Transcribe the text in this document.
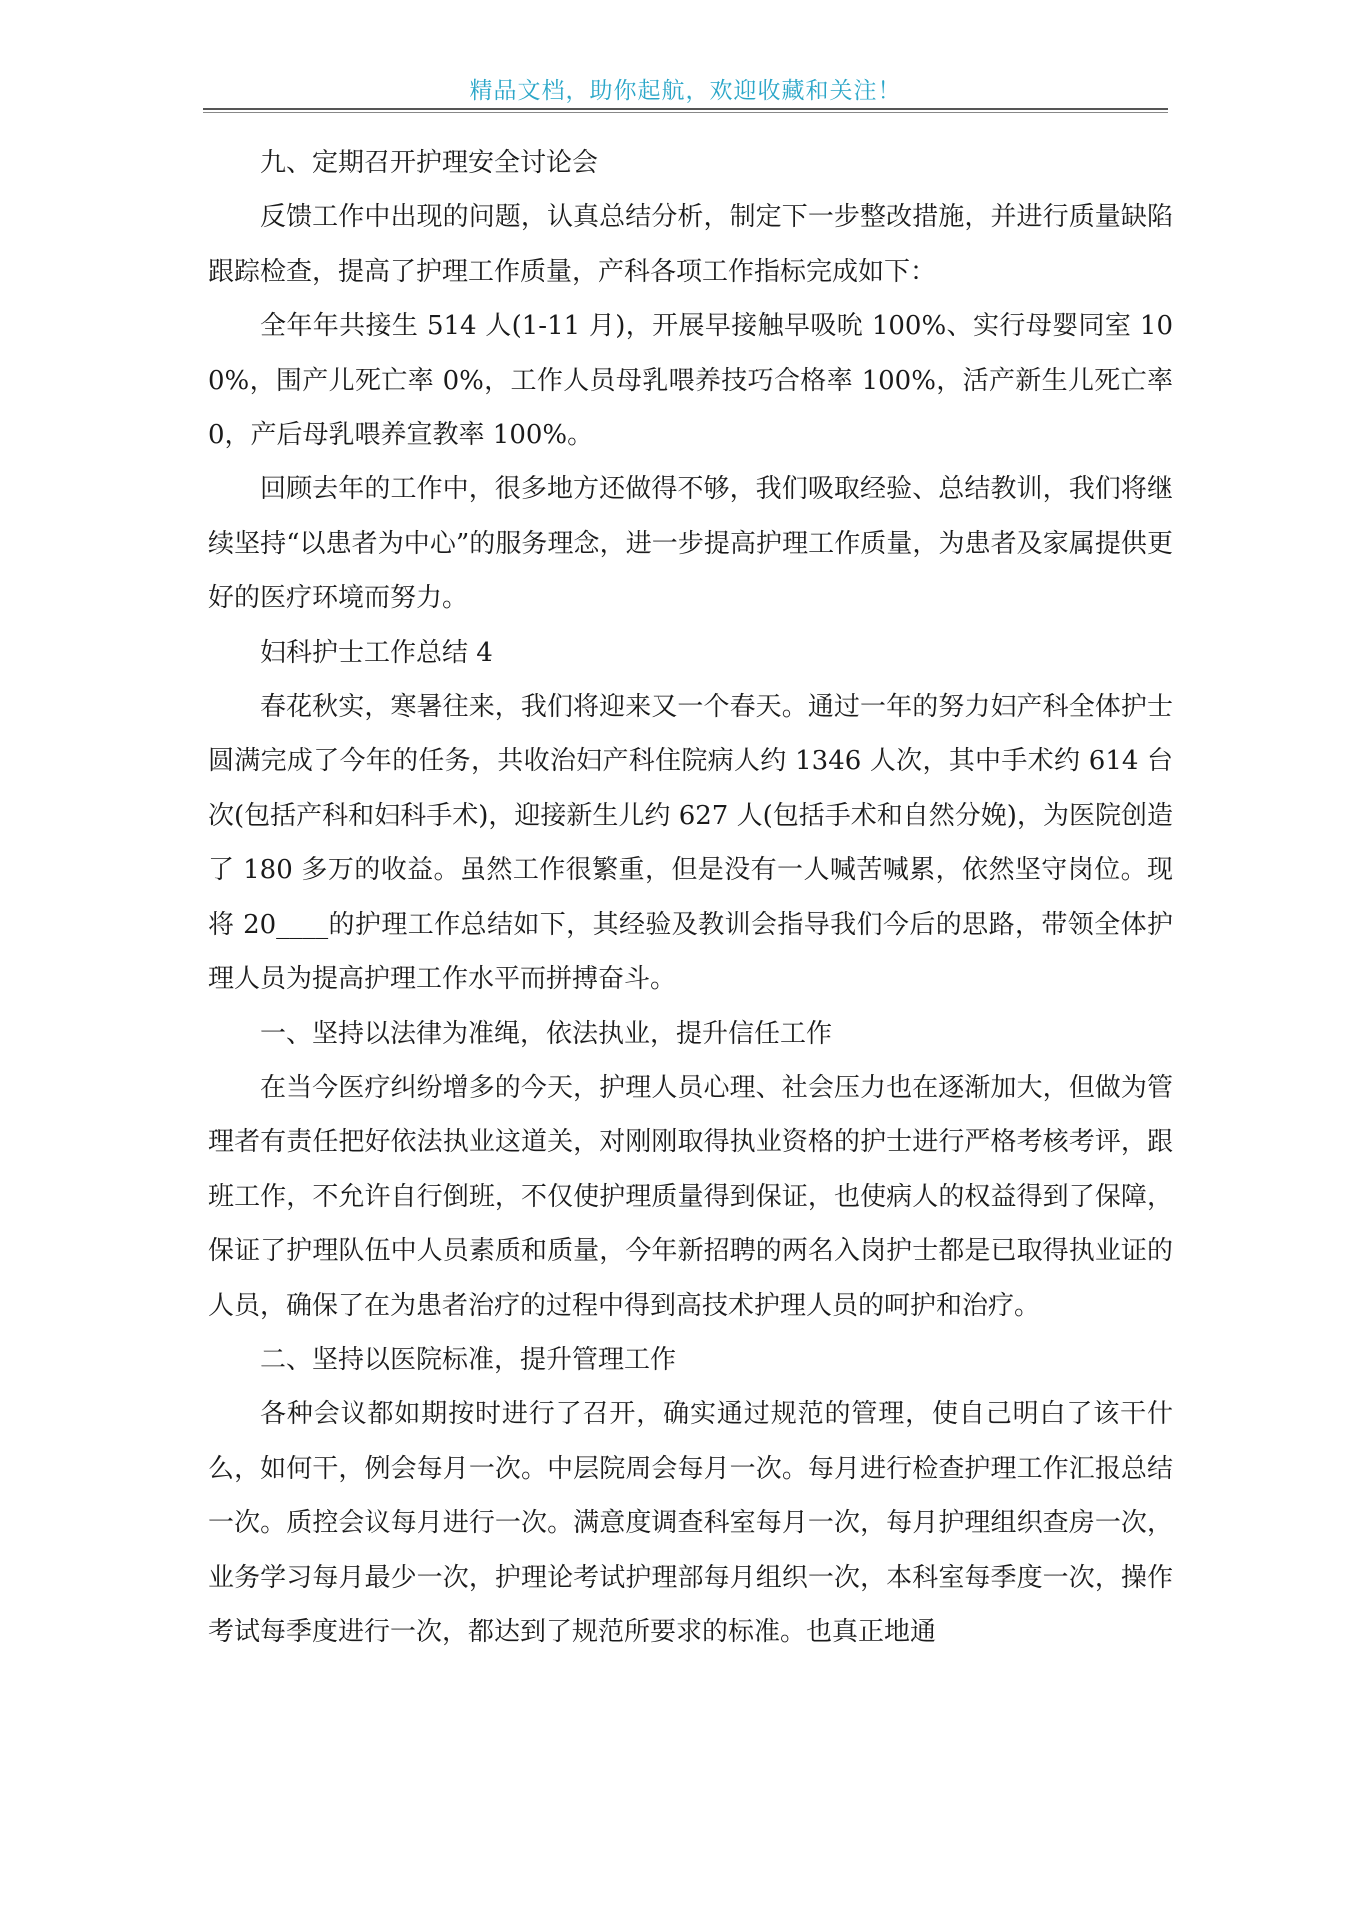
精品文档，助你起航，欢迎收藏和关注！

九、定期召开护理安全讨论会

反馈工作中出现的问题，认真总结分析，制定下一步整改措施，并进行质量缺陷跟踪检查，提高了护理工作质量，产科各项工作指标完成如下：

全年年共接生 514 人(1-11 月)，开展早接触早吸吮 100%、实行母婴同室 100%，围产儿死亡率 0%，工作人员母乳喂养技巧合格率 100%，活产新生儿死亡率 0，产后母乳喂养宣教率 100%。

回顾去年的工作中，很多地方还做得不够，我们吸取经验、总结教训，我们将继续坚持“以患者为中心”的服务理念，进一步提高护理工作质量，为患者及家属提供更好的医疗环境而努力。

妇科护士工作总结 4

春花秋实，寒暑往来，我们将迎来又一个春天。通过一年的努力妇产科全体护士圆满完成了今年的任务，共收治妇产科住院病人约 1346 人次，其中手术约 614 台次(包括产科和妇科手术)，迎接新生儿约 627 人(包括手术和自然分娩)，为医院创造了 180 多万的收益。虽然工作很繁重，但是没有一人喊苦喊累，依然坚守岗位。现将 20____的护理工作总结如下，其经验及教训会指导我们今后的思路，带领全体护理人员为提高护理工作水平而拼搏奋斗。

一、坚持以法律为准绳，依法执业，提升信任工作

在当今医疗纠纷增多的今天，护理人员心理、社会压力也在逐渐加大，但做为管理者有责任把好依法执业这道关，对刚刚取得执业资格的护士进行严格考核考评，跟班工作，不允许自行倒班，不仅使护理质量得到保证，也使病人的权益得到了保障，保证了护理队伍中人员素质和质量，今年新招聘的两名入岗护士都是已取得执业证的人员，确保了在为患者治疗的过程中得到高技术护理人员的呵护和治疗。

二、坚持以医院标准，提升管理工作

各种会议都如期按时进行了召开，确实通过规范的管理，使自己明白了该干什么，如何干，例会每月一次。中层院周会每月一次。每月进行检查护理工作汇报总结一次。质控会议每月进行一次。满意度调查科室每月一次，每月护理组织查房一次，业务学习每月最少一次，护理论考试护理部每月组织一次，本科室每季度一次，操作考试每季度进行一次，都达到了规范所要求的标准。也真正地通
